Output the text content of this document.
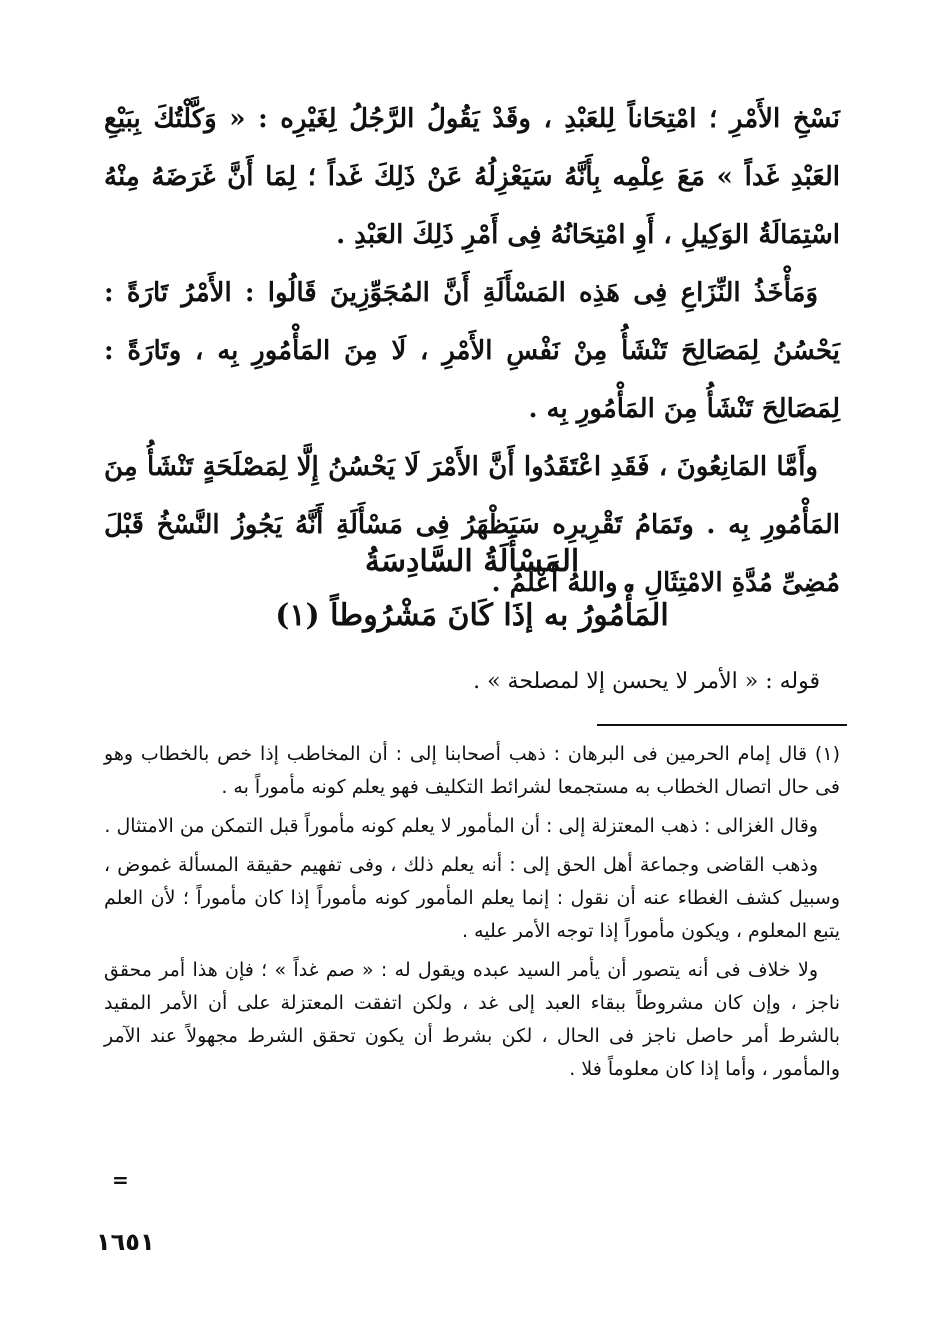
نَسْخِ الأَمْرِ ؛ امْتِحَاناً لِلعَبْدِ ، وقَدْ يَقُولُ الرَّجُلُ لِغَيْرِه : « وَكَّلْتُكَ بِبَيْعِ العَبْدِ غَداً » مَعَ عِلْمِه بِأَنَّهُ سَيَعْزِلُهُ عَنْ ذَلِكَ غَداً ؛ لِمَا أَنَّ غَرَضَهُ مِنْهُ اسْتِمَالَةُ الوَكِيلِ ، أَوِ امْتِحَانُهُ فِى أَمْرِ ذَلِكَ العَبْدِ .

وَمَأْخَذُ النِّزَاعِ فِى هَذِه المَسْأَلَةِ أَنَّ المُجَوِّزِينَ قَالُوا : الأَمْرُ تَارَةً : يَحْسُنُ لِمَصَالِحَ تَنْشَأُ مِنْ نَفْسِ الأَمْرِ ، لَا مِنَ المَأْمُورِ بِه ، وتَارَةً : لِمَصَالِحَ تَنْشَأُ مِنَ المَأْمُورِ بِه .

وأَمَّا المَانِعُونَ ، فَقَدِ اعْتَقَدُوا أَنَّ الأَمْرَ لَا يَحْسُنُ إِلَّا لِمَصْلَحَةٍ تَنْشَأُ مِنَ المَأْمُورِ بِه . وتَمَامُ تَقْرِيرِه سَيَظْهَرُ فِى مَسْأَلَةِ أَنَّهُ يَجُوزُ النَّسْخُ قَبْلَ مُضِىِّ مُدَّةِ الامْتِثَالِ ، واللهُ أَعْلَمُ .

المَسْأَلَةُ السَّادِسَةُ
المَأْمُورُ به إذَا كَانَ مَشْرُوطاً (١)
قوله : « الأمر لا يحسن إلا لمصلحة » .

(١) قال إمام الحرمين فى البرهان : ذهب أصحابنا إلى : أن المخاطب إذا خص بالخطاب وهو فى حال اتصال الخطاب به مستجمعا لشرائط التكليف فهو يعلم كونه مأموراً به .

وقال الغزالى : ذهب المعتزلة إلى : أن المأمور لا يعلم كونه مأموراً قبل التمكن من الامتثال .

وذهب القاضى وجماعة أهل الحق إلى : أنه يعلم ذلك ، وفى تفهيم حقيقة المسألة غموض ، وسبيل كشف الغطاء عنه أن نقول : إنما يعلم المأمور كونه مأموراً إذا كان مأموراً ؛ لأن العلم يتبع المعلوم ، ويكون مأموراً إذا توجه الأمر عليه .

ولا خلاف فى أنه يتصور أن يأمر السيد عبده ويقول له : « صم غداً » ؛ فإن هذا أمر محقق ناجز ، وإن كان مشروطاً ببقاء العبد إلى غد ، ولكن اتفقت المعتزلة على أن الأمر المقيد بالشرط أمر حاصل ناجز فى الحال ، لكن بشرط أن يكون تحقق الشرط مجهولاً عند الآمر والمأمور ، وأما إذا كان معلوماً فلا .

=
١٦٥١
